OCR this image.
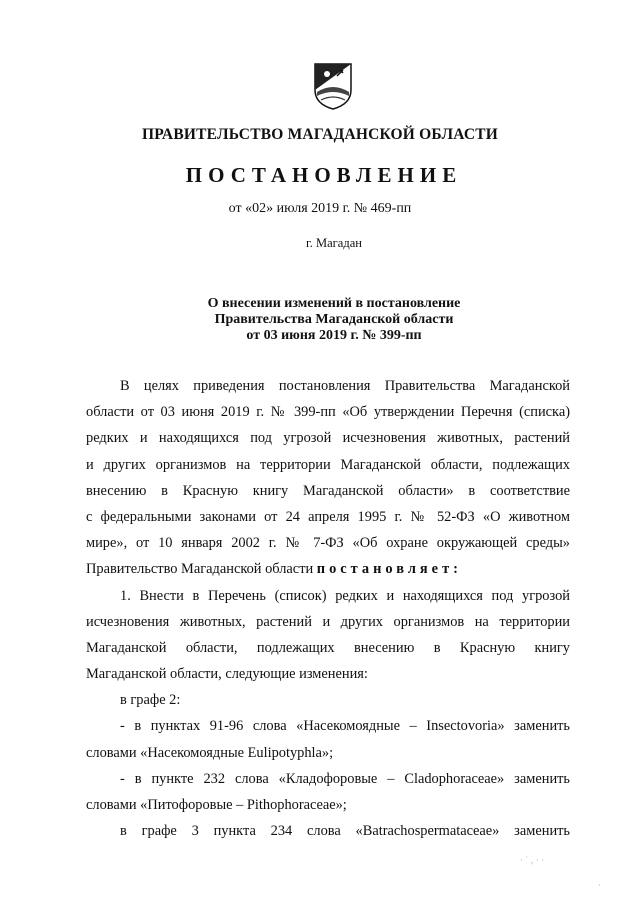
ПРАВИТЕЛЬСТВО МАГАДАНСКОЙ ОБЛАСТИ
ПОСТАНОВЛЕНИЕ
от «02» июля 2019 г. № 469-пп
г. Магадан
О внесении изменений в постановление
Правительства Магаданской области
от 03 июня 2019 г. № 399-пп
В целях приведения постановления Правительства Магаданской
области от 03 июня 2019 г. № 399-пп «Об утверждении Перечня (списка)
редких и находящихся под угрозой исчезновения животных, растений
и других организмов на территории Магаданской области, подлежащих
внесению в Красную книгу Магаданской области» в соответствие
с федеральными законами от 24 апреля 1995 г. № 52-ФЗ «О животном
мире», от 10 января 2002 г. № 7-ФЗ «Об охране окружающей среды»
Правительство Магаданской области постановляет:
1. Внести в Перечень (список) редких и находящихся под угрозой
исчезновения животных, растений и других организмов на территории
Магаданской области, подлежащих внесению в Красную книгу
Магаданской области, следующие изменения:
в графе 2:
- в пунктах 91-96 слова «Насекомоядные – Insectovoria» заменить
словами «Насекомоядные Eulipotyphla»;
- в пункте 232 слова «Кладофоровые – Cladophoraceae» заменить
словами «Питофоровые – Pithophoraceae»;
в графе 3 пункта 234 слова «Batrachospermataceae» заменить
· ˙ ‚ · ·
·
